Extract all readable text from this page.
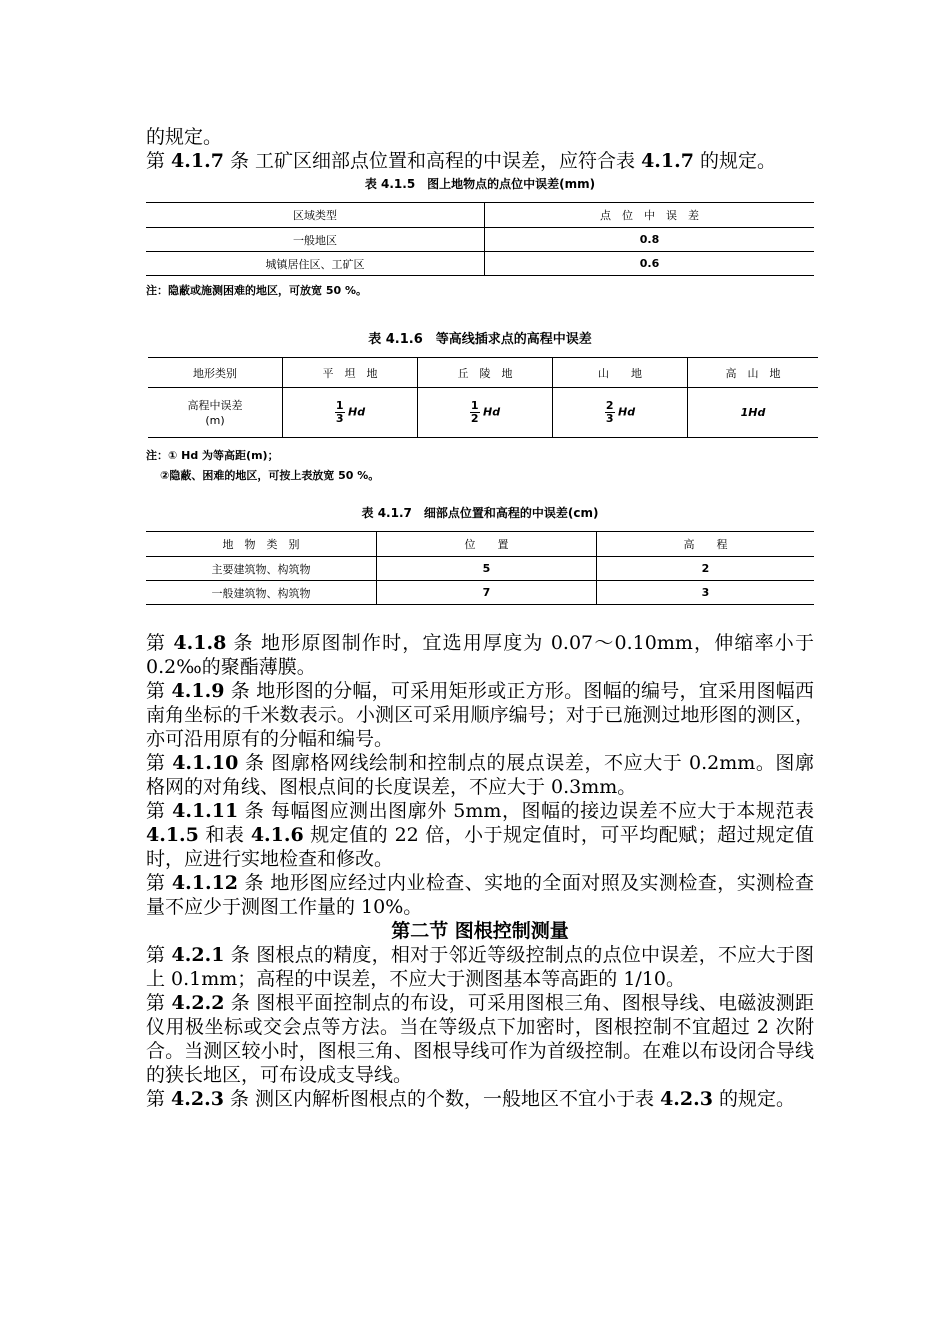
的规定。

第 4.1.7 条 工矿区细部点位置和高程的中误差，应符合表 4.1.7 的规定。

表 4.1.5　图上地物点的点位中误差(mm)

区域类型	点　位　中　误　差
一般地区	0.8
城镇居住区、工矿区	0.6

注：隐蔽或施测困难的地区，可放宽 50 %。

表 4.1.6　等高线插求点的高程中误差

地形类别	平　坦　地	丘　陵　地	山　　地	高　山　地
高程中误差
(m)	$\frac{1}{3}$ Hd	$\frac{1}{2}$ Hd	$\frac{2}{3}$ Hd	1Hd

注：① Hd 为等高距(m)；

②隐蔽、困难的地区，可按上表放宽 50 %。

表 4.1.7　细部点位置和高程的中误差(cm)

地　物　类　别	位　　置	高　　程
主要建筑物、构筑物	5	2
一般建筑物、构筑物	7	3

第 4.1.8 条 地形原图制作时，宜选用厚度为 0.07～0.10mm，伸缩率小于 0.2‰的聚酯薄膜。

第 4.1.9 条 地形图的分幅，可采用矩形或正方形。图幅的编号，宜采用图幅西南角坐标的千米数表示。小测区可采用顺序编号；对于已施测过地形图的测区，亦可沿用原有的分幅和编号。

第 4.1.10 条 图廓格网线绘制和控制点的展点误差，不应大于 0.2mm。图廓格网的对角线、图根点间的长度误差，不应大于 0.3mm。

第 4.1.11 条 每幅图应测出图廓外 5mm，图幅的接边误差不应大于本规范表 4.1.5 和表 4.1.6 规定值的 22 倍，小于规定值时，可平均配赋；超过规定值时，应进行实地检查和修改。

第 4.1.12 条 地形图应经过内业检查、实地的全面对照及实测检查，实测检查量不应少于测图工作量的 10%。

第二节 图根控制测量

第 4.2.1 条 图根点的精度，相对于邻近等级控制点的点位中误差，不应大于图上 0.1mm；高程的中误差，不应大于测图基本等高距的 1/10。

第 4.2.2 条 图根平面控制点的布设，可采用图根三角、图根导线、电磁波测距仪用极坐标或交会点等方法。当在等级点下加密时，图根控制不宜超过 2 次附合。当测区较小时，图根三角、图根导线可作为首级控制。在难以布设闭合导线的狭长地区，可布设成支导线。

第 4.2.3 条 测区内解析图根点的个数，一般地区不宜小于表 4.2.3 的规定。
